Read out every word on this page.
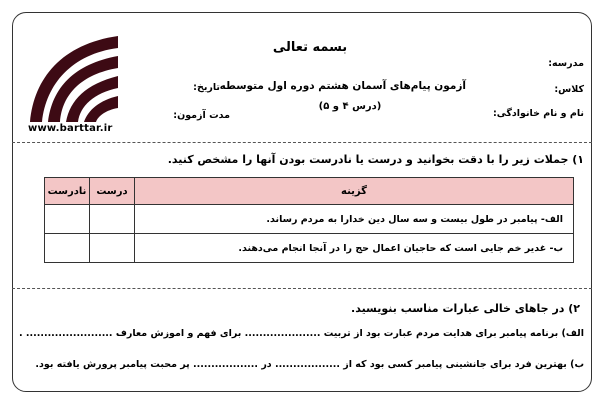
www.barttar.ir
بسمه تعالی
مدرسه:
کلاس:
نام و نام خانوادگی:
آزمون پیام‌های آسمان هشتم دوره اول متوسطه
(درس ۴ و ۵)
تاریخ:
مدت آزمون:
۱) جملات زیر را با دقت بخوانید و درست یا نادرست بودن آنها را مشخص کنید.
نادرست	درست	گزینه
		الف- پیامبر در طول بیست و سه سال دین خدارا به مردم رساند.
		ب- غدیر خم جایی است که حاجیان اعمال حج را در آنجا انجام می‌دهند.
۲) در جاهای خالی عبارات مناسب بنویسید.
الف) برنامه پیامبر برای هدایت مردم عبارت بود از تربیت ..................... برای فهم و اموزش معارف ........................ .
ب) بهترین فرد برای جانشینی پیامبر کسی بود که از .................. در .................. پر محبت پیامبر پرورش یافته بود.
